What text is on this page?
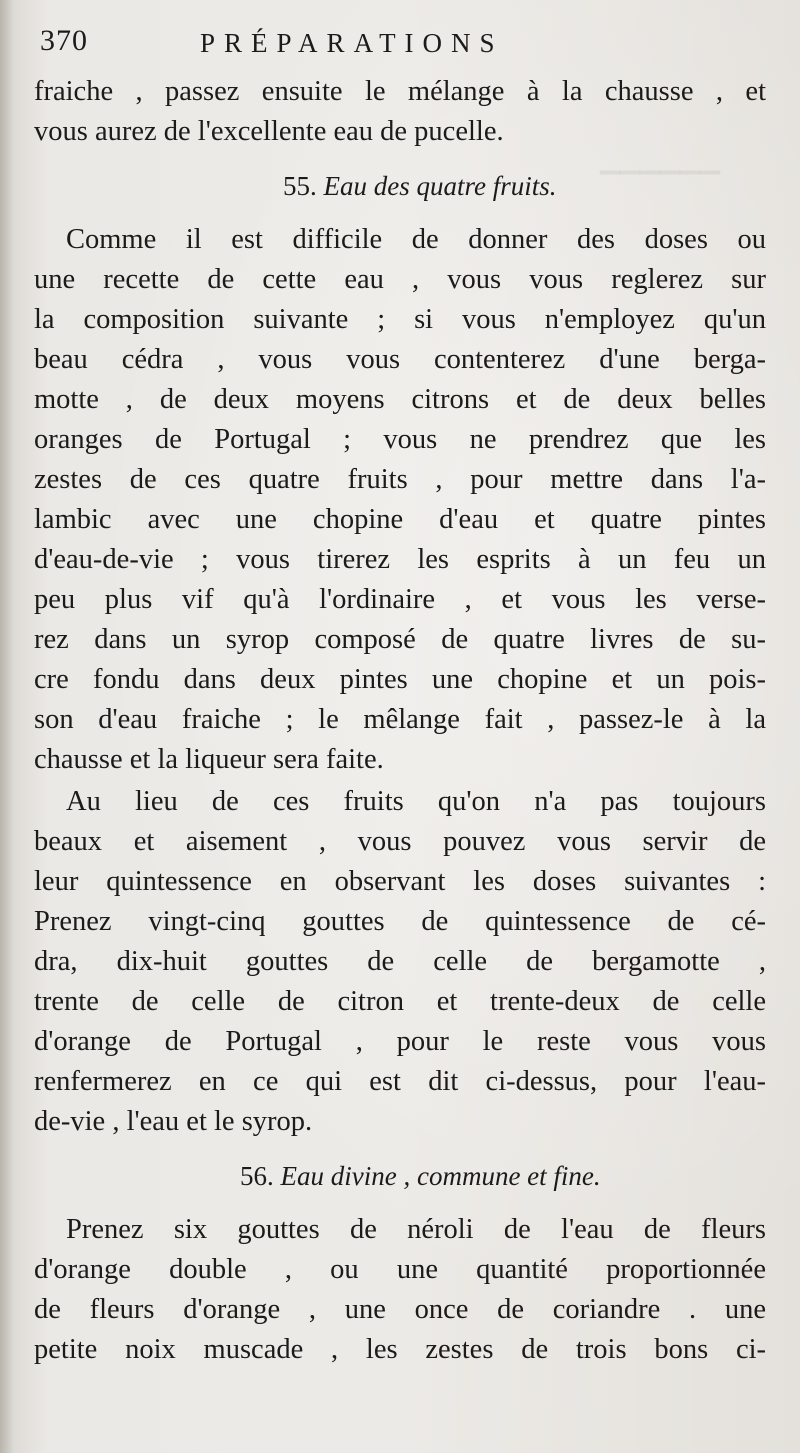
▁▁▁▁▁▁
370	PRÉPARATIONS
fraiche , passez ensuite le mélange à la chausse , et
vous aurez de l'excellente eau de pucelle.
55. Eau des quatre fruits.
Comme il est difficile de donner des doses ou
une recette de cette eau , vous vous reglerez sur
la composition suivante ; si vous n'employez qu'un
beau cédra , vous vous contenterez d'une berga-
motte , de deux moyens citrons et de deux belles
oranges de Portugal ; vous ne prendrez que les
zestes de ces quatre fruits , pour mettre dans l'a-
lambic avec une chopine d'eau et quatre pintes
d'eau-de-vie ; vous tirerez les esprits à un feu un
peu plus vif qu'à l'ordinaire , et vous les verse-
rez dans un syrop composé de quatre livres de su-
cre fondu dans deux pintes une chopine et un pois-
son d'eau fraiche ; le mêlange fait , passez-le à la
chausse et la liqueur sera faite.
Au lieu de ces fruits qu'on n'a pas toujours
beaux et aisement , vous pouvez vous servir de
leur quintessence en observant les doses suivantes :
Prenez vingt-cinq gouttes de quintessence de cé-
dra, dix-huit gouttes de celle de bergamotte ,
trente de celle de citron et trente-deux de celle
d'orange de Portugal , pour le reste vous vous
renfermerez en ce qui est dit ci-dessus, pour l'eau-
de-vie , l'eau et le syrop.
56. Eau divine , commune et fine.
Prenez six gouttes de néroli de l'eau de fleurs
d'orange double , ou une quantité proportionnée
de fleurs d'orange , une once de coriandre . une
petite noix muscade , les zestes de trois bons ci-
